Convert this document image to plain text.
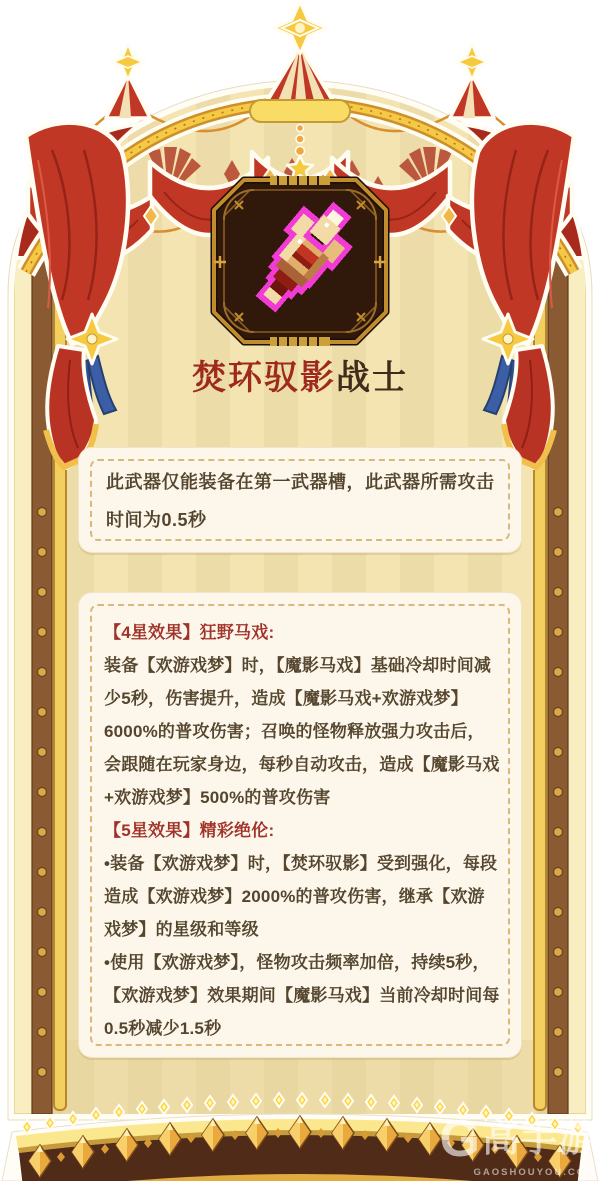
焚环驭影 战士
此武器仅能装备在第一武器槽，此武器所需攻击时间为0.5秒

【4星效果】狂野马戏:

装备【欢游戏梦】时，【魔影马戏】基础冷却时间减少5秒，伤害提升，造成【魔影马戏+欢游戏梦】6000%的普攻伤害；召唤的怪物释放强力攻击后，会跟随在玩家身边，每秒自动攻击，造成【魔影马戏+欢游戏梦】500%的普攻伤害

【5星效果】精彩绝伦:

•装备【欢游戏梦】时，【焚环驭影】受到强化，每段造成【欢游戏梦】2000%的普攻伤害，继承【欢游戏梦】的星级和等级

•使用【欢游戏梦】，怪物攻击频率加倍，持续5秒，【欢游戏梦】效果期间【魔影马戏】当前冷却时间每0.5秒减少1.5秒

G 高手游
GAOSHOUYOU.COM
